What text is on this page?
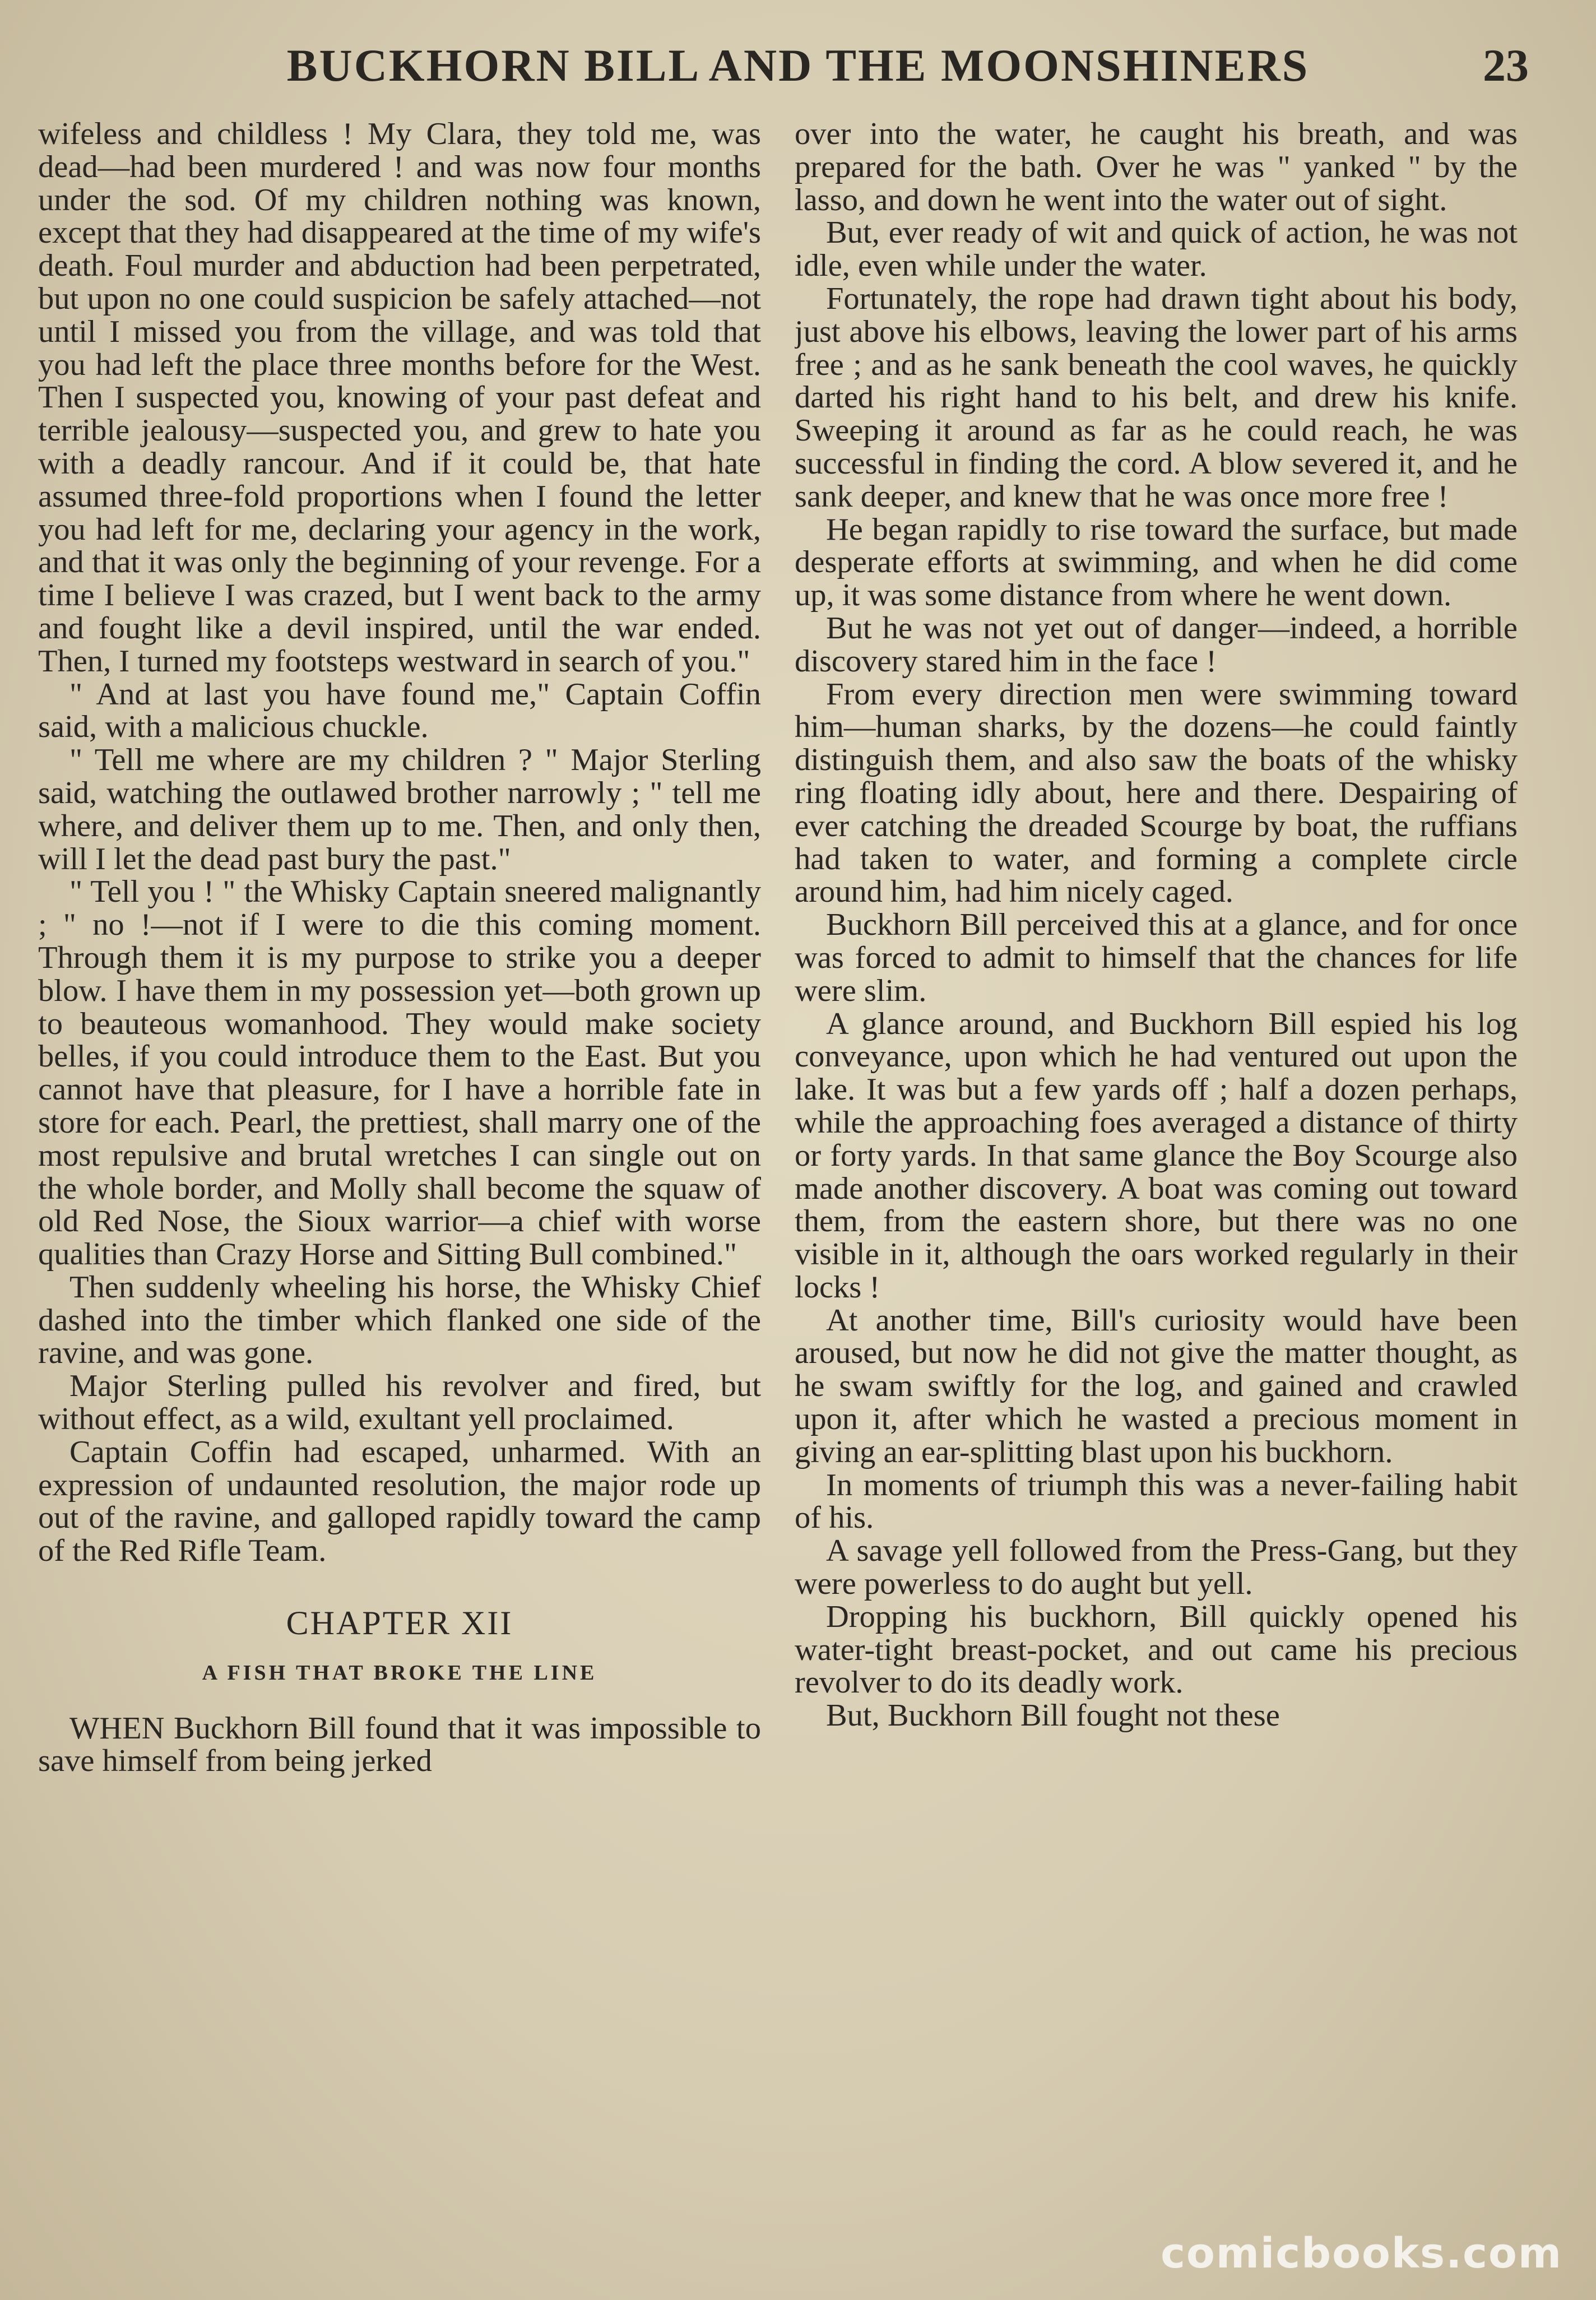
BUCKHORN BILL AND THE MOONSHINERS	23

wifeless and childless ! My Clara, they told me, was dead—had been murdered ! and was now four months under the sod. Of my children nothing was known, except that they had disappeared at the time of my wife's death. Foul murder and abduction had been perpetrated, but upon no one could suspicion be safely attached—not until I missed you from the village, and was told that you had left the place three months before for the West. Then I suspected you, knowing of your past defeat and terrible jealousy—suspected you, and grew to hate you with a deadly rancour. And if it could be, that hate assumed three-fold proportions when I found the letter you had left for me, declaring your agency in the work, and that it was only the beginning of your revenge. For a time I believe I was crazed, but I went back to the army and fought like a devil inspired, until the war ended. Then, I turned my footsteps westward in search of you."

" And at last you have found me," Captain Coffin said, with a malicious chuckle.

" Tell me where are my children ? " Major Sterling said, watching the outlawed brother narrowly ; " tell me where, and deliver them up to me. Then, and only then, will I let the dead past bury the past."

" Tell you ! " the Whisky Captain sneered malignantly ; " no !—not if I were to die this coming moment. Through them it is my purpose to strike you a deeper blow. I have them in my possession yet—both grown up to beauteous womanhood. They would make society belles, if you could introduce them to the East. But you cannot have that pleasure, for I have a horrible fate in store for each. Pearl, the prettiest, shall marry one of the most repulsive and brutal wretches I can single out on the whole border, and Molly shall become the squaw of old Red Nose, the Sioux warrior—a chief with worse qualities than Crazy Horse and Sitting Bull combined."

Then suddenly wheeling his horse, the Whisky Chief dashed into the timber which flanked one side of the ravine, and was gone.

Major Sterling pulled his revolver and fired, but without effect, as a wild, exultant yell proclaimed.

Captain Coffin had escaped, unharmed. With an expression of undaunted resolution, the major rode up out of the ravine, and galloped rapidly toward the camp of the Red Rifle Team.

CHAPTER XII
A FISH THAT BROKE THE LINE

WHEN Buckhorn Bill found that it was impossible to save himself from being jerked

over into the water, he caught his breath, and was prepared for the bath. Over he was " yanked " by the lasso, and down he went into the water out of sight.

But, ever ready of wit and quick of action, he was not idle, even while under the water.

Fortunately, the rope had drawn tight about his body, just above his elbows, leaving the lower part of his arms free ; and as he sank beneath the cool waves, he quickly darted his right hand to his belt, and drew his knife. Sweeping it around as far as he could reach, he was successful in finding the cord. A blow severed it, and he sank deeper, and knew that he was once more free !

He began rapidly to rise toward the surface, but made desperate efforts at swimming, and when he did come up, it was some distance from where he went down.

But he was not yet out of danger—indeed, a horrible discovery stared him in the face !

From every direction men were swimming toward him—human sharks, by the dozens—he could faintly distinguish them, and also saw the boats of the whisky ring floating idly about, here and there. Despairing of ever catching the dreaded Scourge by boat, the ruffians had taken to water, and forming a complete circle around him, had him nicely caged.

Buckhorn Bill perceived this at a glance, and for once was forced to admit to himself that the chances for life were slim.

A glance around, and Buckhorn Bill espied his log conveyance, upon which he had ventured out upon the lake. It was but a few yards off ; half a dozen perhaps, while the approaching foes averaged a distance of thirty or forty yards. In that same glance the Boy Scourge also made another discovery. A boat was coming out toward them, from the eastern shore, but there was no one visible in it, although the oars worked regularly in their locks !

At another time, Bill's curiosity would have been aroused, but now he did not give the matter thought, as he swam swiftly for the log, and gained and crawled upon it, after which he wasted a precious moment in giving an ear-splitting blast upon his buckhorn.

In moments of triumph this was a never-failing habit of his.

A savage yell followed from the Press-Gang, but they were powerless to do aught but yell.

Dropping his buckhorn, Bill quickly opened his water-tight breast-pocket, and out came his precious revolver to do its deadly work.

But, Buckhorn Bill fought not these

comicbooks.com
